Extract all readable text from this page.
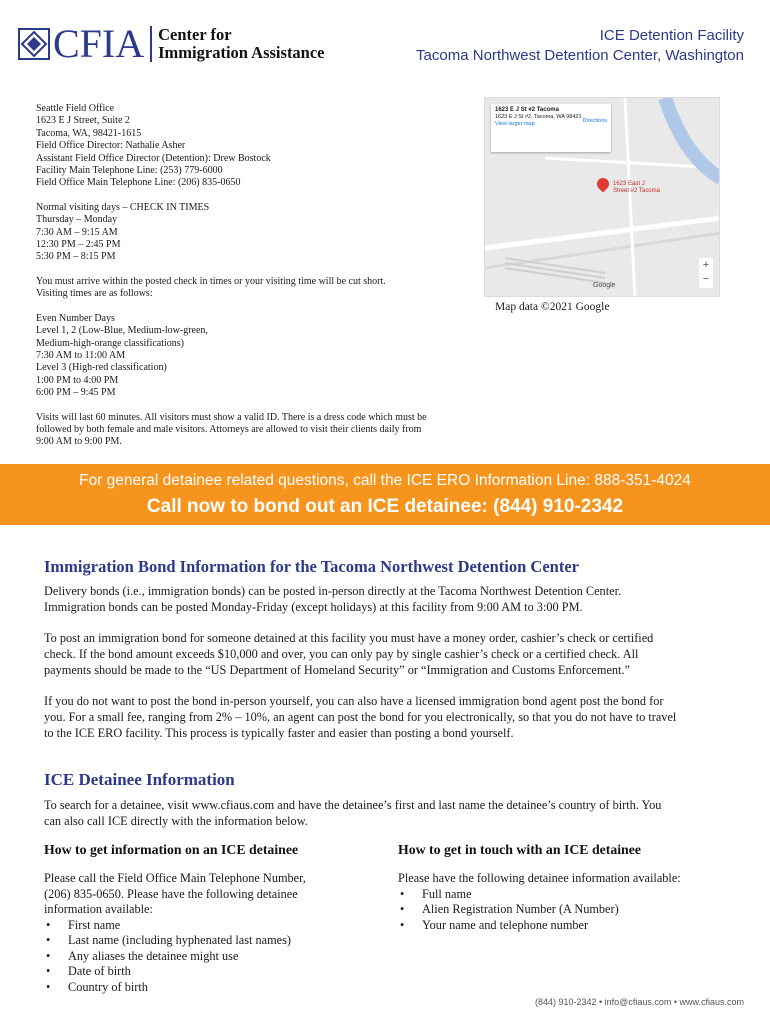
CFIA Center for
Immigration Assistance
ICE Detention Facility
Tacoma Northwest Detention Center, Washington
Seattle Field Office
1623 E J Street, Suite 2
Tacoma, WA, 98421-1615
Field Office Director: Nathalie Asher
Assistant Field Office Director (Detention): Drew Bostock
Facility Main Telephone Line: (253) 779-6000
Field Office Main Telephone Line: (206) 835-0650
Normal visiting days – CHECK IN TIMES
Thursday – Monday
7:30 AM – 9:15 AM
12:30 PM – 2:45 PM
5:30 PM – 8:15 PM
You must arrive within the posted check in times or your visiting time will be cut short.
Visiting times are as follows:
Even Number Days
Level 1, 2 (Low-Blue, Medium-low-green,
Medium-high-orange classifications)
7:30 AM to 11:00 AM
Level 3 (High-red classification)
1:00 PM to 4:00 PM
6:00 PM – 9:45 PM
Visits will last 60 minutes. All visitors must show a valid ID. There is a dress code which must be
followed by both female and male visitors. Attorneys are allowed to visit their clients daily from
9:00 AM to 9:00 PM.
1623 E J St #2 Tacoma
1623 E J St #2, Tacoma, WA 98421
View larger map	Directions
1623 East J
Street #2 Tacoma
+
−
Google
Map data ©2021 Google
For general detainee related questions, call the ICE ERO Information Line: 888-351-4024
Call now to bond out an ICE detainee: (844) 910-2342
Immigration Bond Information for the Tacoma Northwest Detention Center

Delivery bonds (i.e., immigration bonds) can be posted in-person directly at the Tacoma Northwest Detention Center.
Immigration bonds can be posted Monday-Friday (except holidays) at this facility from 9:00 AM to 3:00 PM.

To post an immigration bond for someone detained at this facility you must have a money order, cashier’s check or certified
check. If the bond amount exceeds $10,000 and over, you can only pay by single cashier’s check or a certified check. All
payments should be made to the “US Department of Homeland Security” or “Immigration and Customs Enforcement.”

If you do not want to post the bond in-person yourself, you can also have a licensed immigration bond agent post the bond for
you. For a small fee, ranging from 2% – 10%, an agent can post the bond for you electronically, so that you do not have to travel
to the ICE ERO facility. This process is typically faster and easier than posting a bond yourself.

ICE Detainee Information
To search for a detainee, visit www.cfiaus.com and have the detainee’s first and last name the detainee’s country of birth. You
can also call ICE directly with the information below.
How to get information on an ICE detainee
Please call the Field Office Main Telephone Number,
(206) 835-0650. Please have the following detainee
information available:
• First name
• Last name (including hyphenated last names)
• Any aliases the detainee might use
• Date of birth
• Country of birth
How to get in touch with an ICE detainee
Please have the following detainee information available:
• Full name
• Alien Registration Number (A Number)
• Your name and telephone number
(844) 910-2342 • info@cfiaus.com • www.cfiaus.com
